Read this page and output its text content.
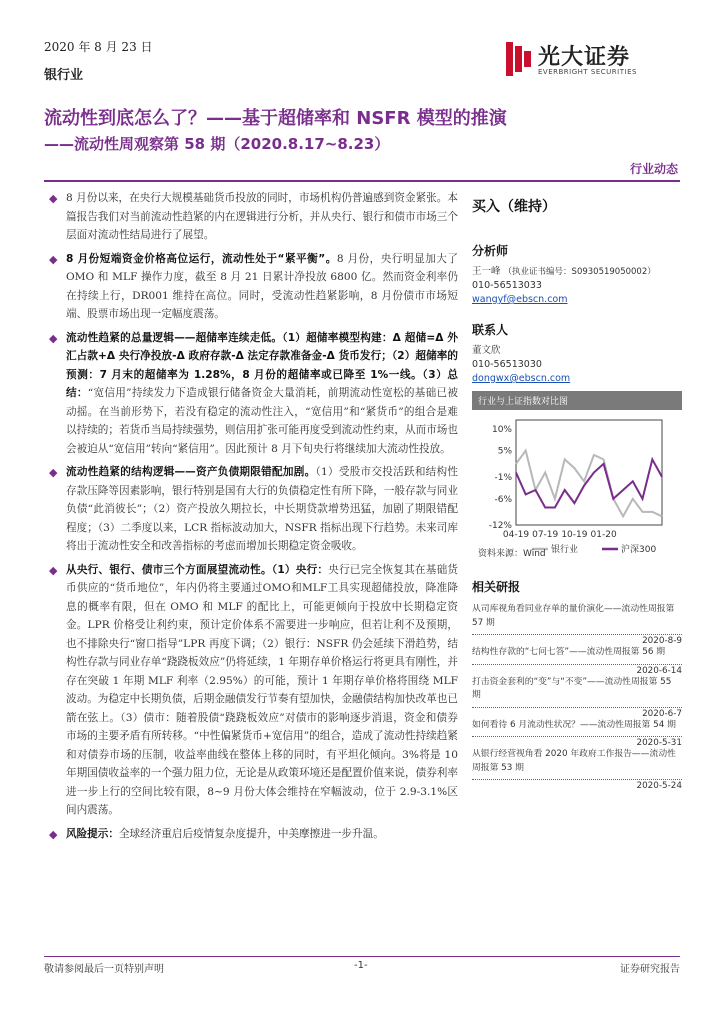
2020 年 8 月 23 日
银行业
光大证券
EVERBRIGHT SECURITIES
流动性到底怎么了？——基于超储率和 NSFR 模型的推演
——流动性周观察第 58 期（2020.8.17~8.23）
行业动态
◆ 8 月份以来，在央行大规模基础货币投放的同时，市场机构仍普遍感到资金紧张。本篇报告我们对当前流动性趋紧的内在逻辑进行分析，并从央行、银行和债市市场三个层面对流动性结局进行了展望。
◆ 8 月份短端资金价格高位运行，流动性处于“紧平衡”。8 月份，央行明显加大了 OMO 和 MLF 操作力度，截至 8 月 21 日累计净投放 6800 亿。然而资金利率仍在持续上行，DR001 维持在高位。同时，受流动性趋紧影响，8 月份债市市场短端、股票市场出现一定幅度震荡。
◆ 流动性趋紧的总量逻辑——超储率连续走低。（1）超储率模型构建：Δ 超储=Δ 外汇占款+Δ 央行净投放-Δ 政府存款-Δ 法定存款准备金-Δ 货币发行；（2）超储率的预测：7 月末的超储率为 1.28%，8 月份的超储率或已降至 1%一线。（3）总结：“宽信用”持续发力下造成银行储备资金大量消耗，前期流动性宽松的基础已被动摇。在当前形势下，若没有稳定的流动性注入，“宽信用”和“紧货币”的组合是难以持续的；若货币当局持续强势，则信用扩张可能再度受到流动性约束，从而市场也会被迫从“宽信用”转向“紧信用”。因此预计 8 月下旬央行将继续加大流动性投放。
◆ 流动性趋紧的结构逻辑——资产负债期限错配加剧。（1）受股市交投活跃和结构性存款压降等因素影响，银行特别是国有大行的负债稳定性有所下降，一般存款与同业负债“此消彼长”；（2）资产投放久期拉长，中长期贷款增势迅猛，加剧了期限错配程度；（3）二季度以来，LCR 指标波动加大，NSFR 指标出现下行趋势。未来司库将出于流动性安全和改善指标的考虑而增加长期稳定资金吸收。
◆ 从央行、银行、债市三个方面展望流动性。（1）央行：央行已完全恢复其在基础货币供应的“货币地位”，年内仍将主要通过OMO和MLF工具实现超储投放，降准降息的概率有限，但在 OMO 和 MLF 的配比上，可能更倾向于投放中长期稳定资金。LPR 价格受让利约束，预计定价体系不需要进一步响应，但若让利不及预期，也不排除央行“窗口指导”LPR 再度下调；（2）银行：NSFR 仍会延续下滑趋势，结构性存款与同业存单“跷跷板效应”仍将延续，1 年期存单价格运行将更具有刚性，并存在突破 1 年期 MLF 利率（2.95%）的可能，预计 1 年期存单价格将围绕 MLF 波动。为稳定中长期负债，后期金融债发行节奏有望加快，金融债结构加快改革也已箭在弦上。（3）债市：随着股债“跷跷板效应”对债市的影响逐步消退，资金和债券市场的主要矛盾有所转移。“中性偏紧货币+宽信用”的组合，造成了流动性持续趋紧和对债券市场的压制，收益率曲线在整体上移的同时，有平坦化倾向。3%将是 10 年期国债收益率的一个强力阻力位，无论是从政策环境还是配置价值来说，债券利率进一步上行的空间比较有限，8~9 月份大体会维持在窄幅波动，位于 2.9-3.1%区间内震荡。
◆ 风险提示：全球经济重启后疫情复杂度提升，中美摩擦进一步升温。
买入（维持）
分析师
王一峰 （执业证书编号：S0930519050002）
010-56513033
wangyf@ebscn.com
联系人
董文欣
010-56513030
dongwx@ebscn.com
行业与上证指数对比图
10%
5%
-1%
-6%
-12%
04-19 07-19 10-19 01-20
银行业	沪深300
资料来源：Wind
相关研报
从司库视角看同业存单的量价演化——流动性周报第 57 期
2020-8-9
结构性存款的“七问七答”——流动性周报第 56 期
2020-6-14
打击资金套利的“变”与“不变”——流动性周报第 55 期
2020-6-7
如何看待 6 月流动性状况？——流动性周报第 54 期
2020-5-31
从银行经营视角看 2020 年政府工作报告——流动性周报第 53 期
2020-5-24
敬请参阅最后一页特别声明	-1-	证券研究报告
